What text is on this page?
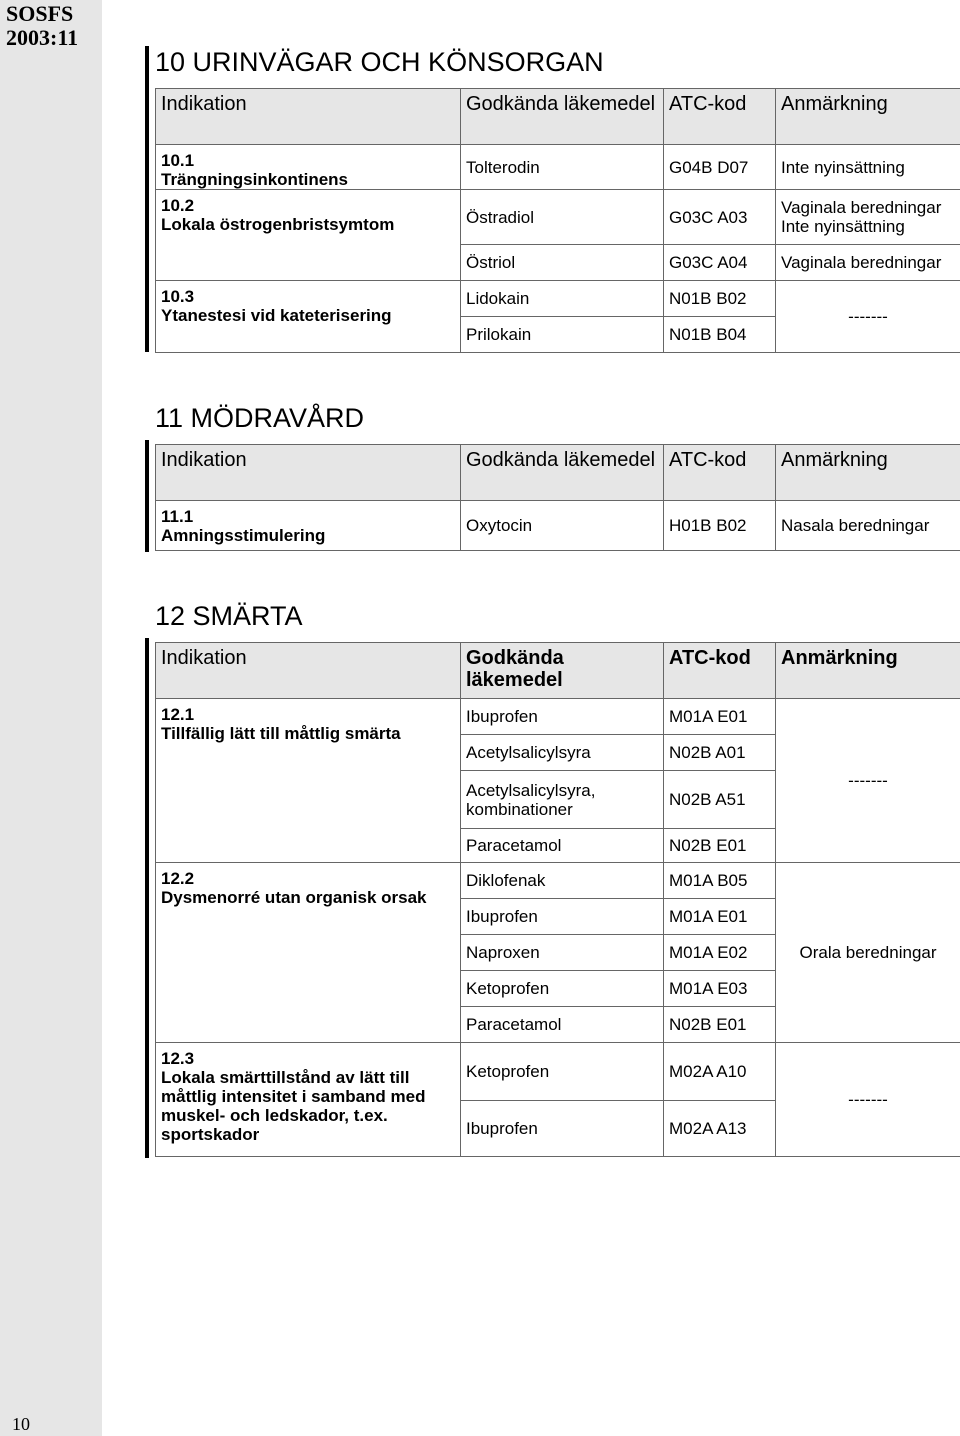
SOSFS 2003:11
10
10 URINVÄGAR OCH KÖNSORGAN
Indikation	Godkända läkemedel	ATC-kod	Anmärkning

10.1
Trängningsinkontinens	Tolterodin	G04B D07	Inte nyinsättning

10.2
Lokala östrogenbristsymtom	Östradiol	G03C A03	Vaginala beredningar
Inte nyinsättning
	Östriol	G03C A04	Vaginala beredningar

10.3
Ytanestesi vid kateterisering	Lidokain	N01B B02	-------
	Prilokain	N01B B04	
11 MÖDRAVÅRD
Indikation	Godkända läkemedel	ATC-kod	Anmärkning

11.1
Amningsstimulering	Oxytocin	H01B B02	Nasala beredningar
12 SMÄRTA
Indikation	Godkända läkemedel	ATC-kod	Anmärkning

12.1
Tillfällig lätt till måttlig smärta	Ibuprofen	M01A E01	-------
	Acetylsalicylsyra	N02B A01	
	Acetylsalicylsyra, kombinationer	N02B A51	
	Paracetamol	N02B E01	

12.2
Dysmenorré utan organisk orsak	Diklofenak	M01A B05	Orala beredningar
	Ibuprofen	M01A E01	
	Naproxen	M01A E02	
	Ketoprofen	M01A E03	
	Paracetamol	N02B E01	

12.3
Lokala smärttillstånd av lätt till måttlig intensitet i samband med muskel- och ledskador, t.ex. sportskador	Ketoprofen	M02A A10	-------
	Ibuprofen	M02A A13	
